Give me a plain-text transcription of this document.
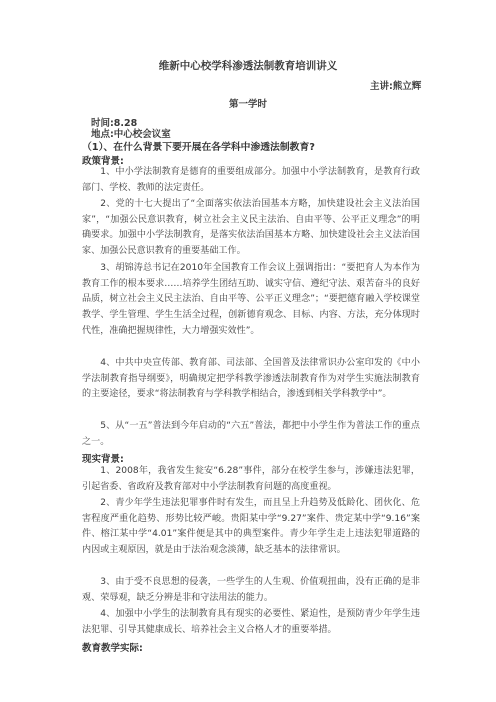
维新中心校学科渗透法制教育培训讲义
主讲:熊立辉
第一学时
时间:8.28
地点:中心校会议室
（1）、在什么背景下要开展在各学科中渗透法制教育?
政策背景:
1、中小学法制教育是德育的重要组成部分。加强中小学法制教育，是教育行政部门、学校、教师的法定责任。
2、党的十七大提出了“全面落实依法治国基本方略，加快建设社会主义法治国家”，“加强公民意识教育，树立社会主义民主法治、自由平等、公平正义理念”的明确要求。加强中小学法制教育，是落实依法治国基本方略、加快建设社会主义法治国家、加强公民意识教育的重要基础工作。
3、胡锦涛总书记在2010年全国教育工作会议上强调指出：“要把育人为本作为教育工作的根本要求……培养学生团结互助、诚实守信、遵纪守法、艰苦奋斗的良好品质，树立社会主义民主法治、自由平等、公平正义理念”；“要把德育融入学校课堂教学、学生管理、学生生活全过程，创新德育观念、目标、内容、方法，充分体现时代性，准确把握规律性，大力增强实效性”。
4、中共中央宣传部、教育部、司法部、全国普及法律常识办公室印发的《中小学法制教育指导纲要》，明确规定把学科教学渗透法制教育作为对学生实施法制教育的主要途径，要求“将法制教育与学科教学相结合，渗透到相关学科教学中”。
5、从“一五”普法到今年启动的“六五”普法，都把中小学生作为普法工作的重点之一。
现实背景:
1、2008年，我省发生瓮安“6.28”事件，部分在校学生参与，涉嫌违法犯罪，引起省委、省政府及教育部对中小学法制教育问题的高度重视。
2、青少年学生违法犯罪事件时有发生，而且呈上升趋势及低龄化、团伙化、危害程度严重化趋势、形势比较严峻。贵阳某中学“9.27”案件、贵定某中学“9.16”案件、榕江某中学“4.01”案件便是其中的典型案件。青少年学生走上违法犯罪道路的内因或主观原因，就是由于法治观念淡薄，缺乏基本的法律常识。
3、由于受不良思想的侵袭，一些学生的人生观、价值观扭曲，没有正确的是非观、荣辱观，缺乏分辨是非和守法用法的能力。
4、加强中小学生的法制教育具有现实的必要性、紧迫性，是预防青少年学生违法犯罪、引导其健康成长、培养社会主义合格人才的重要举措。
教育教学实际:
